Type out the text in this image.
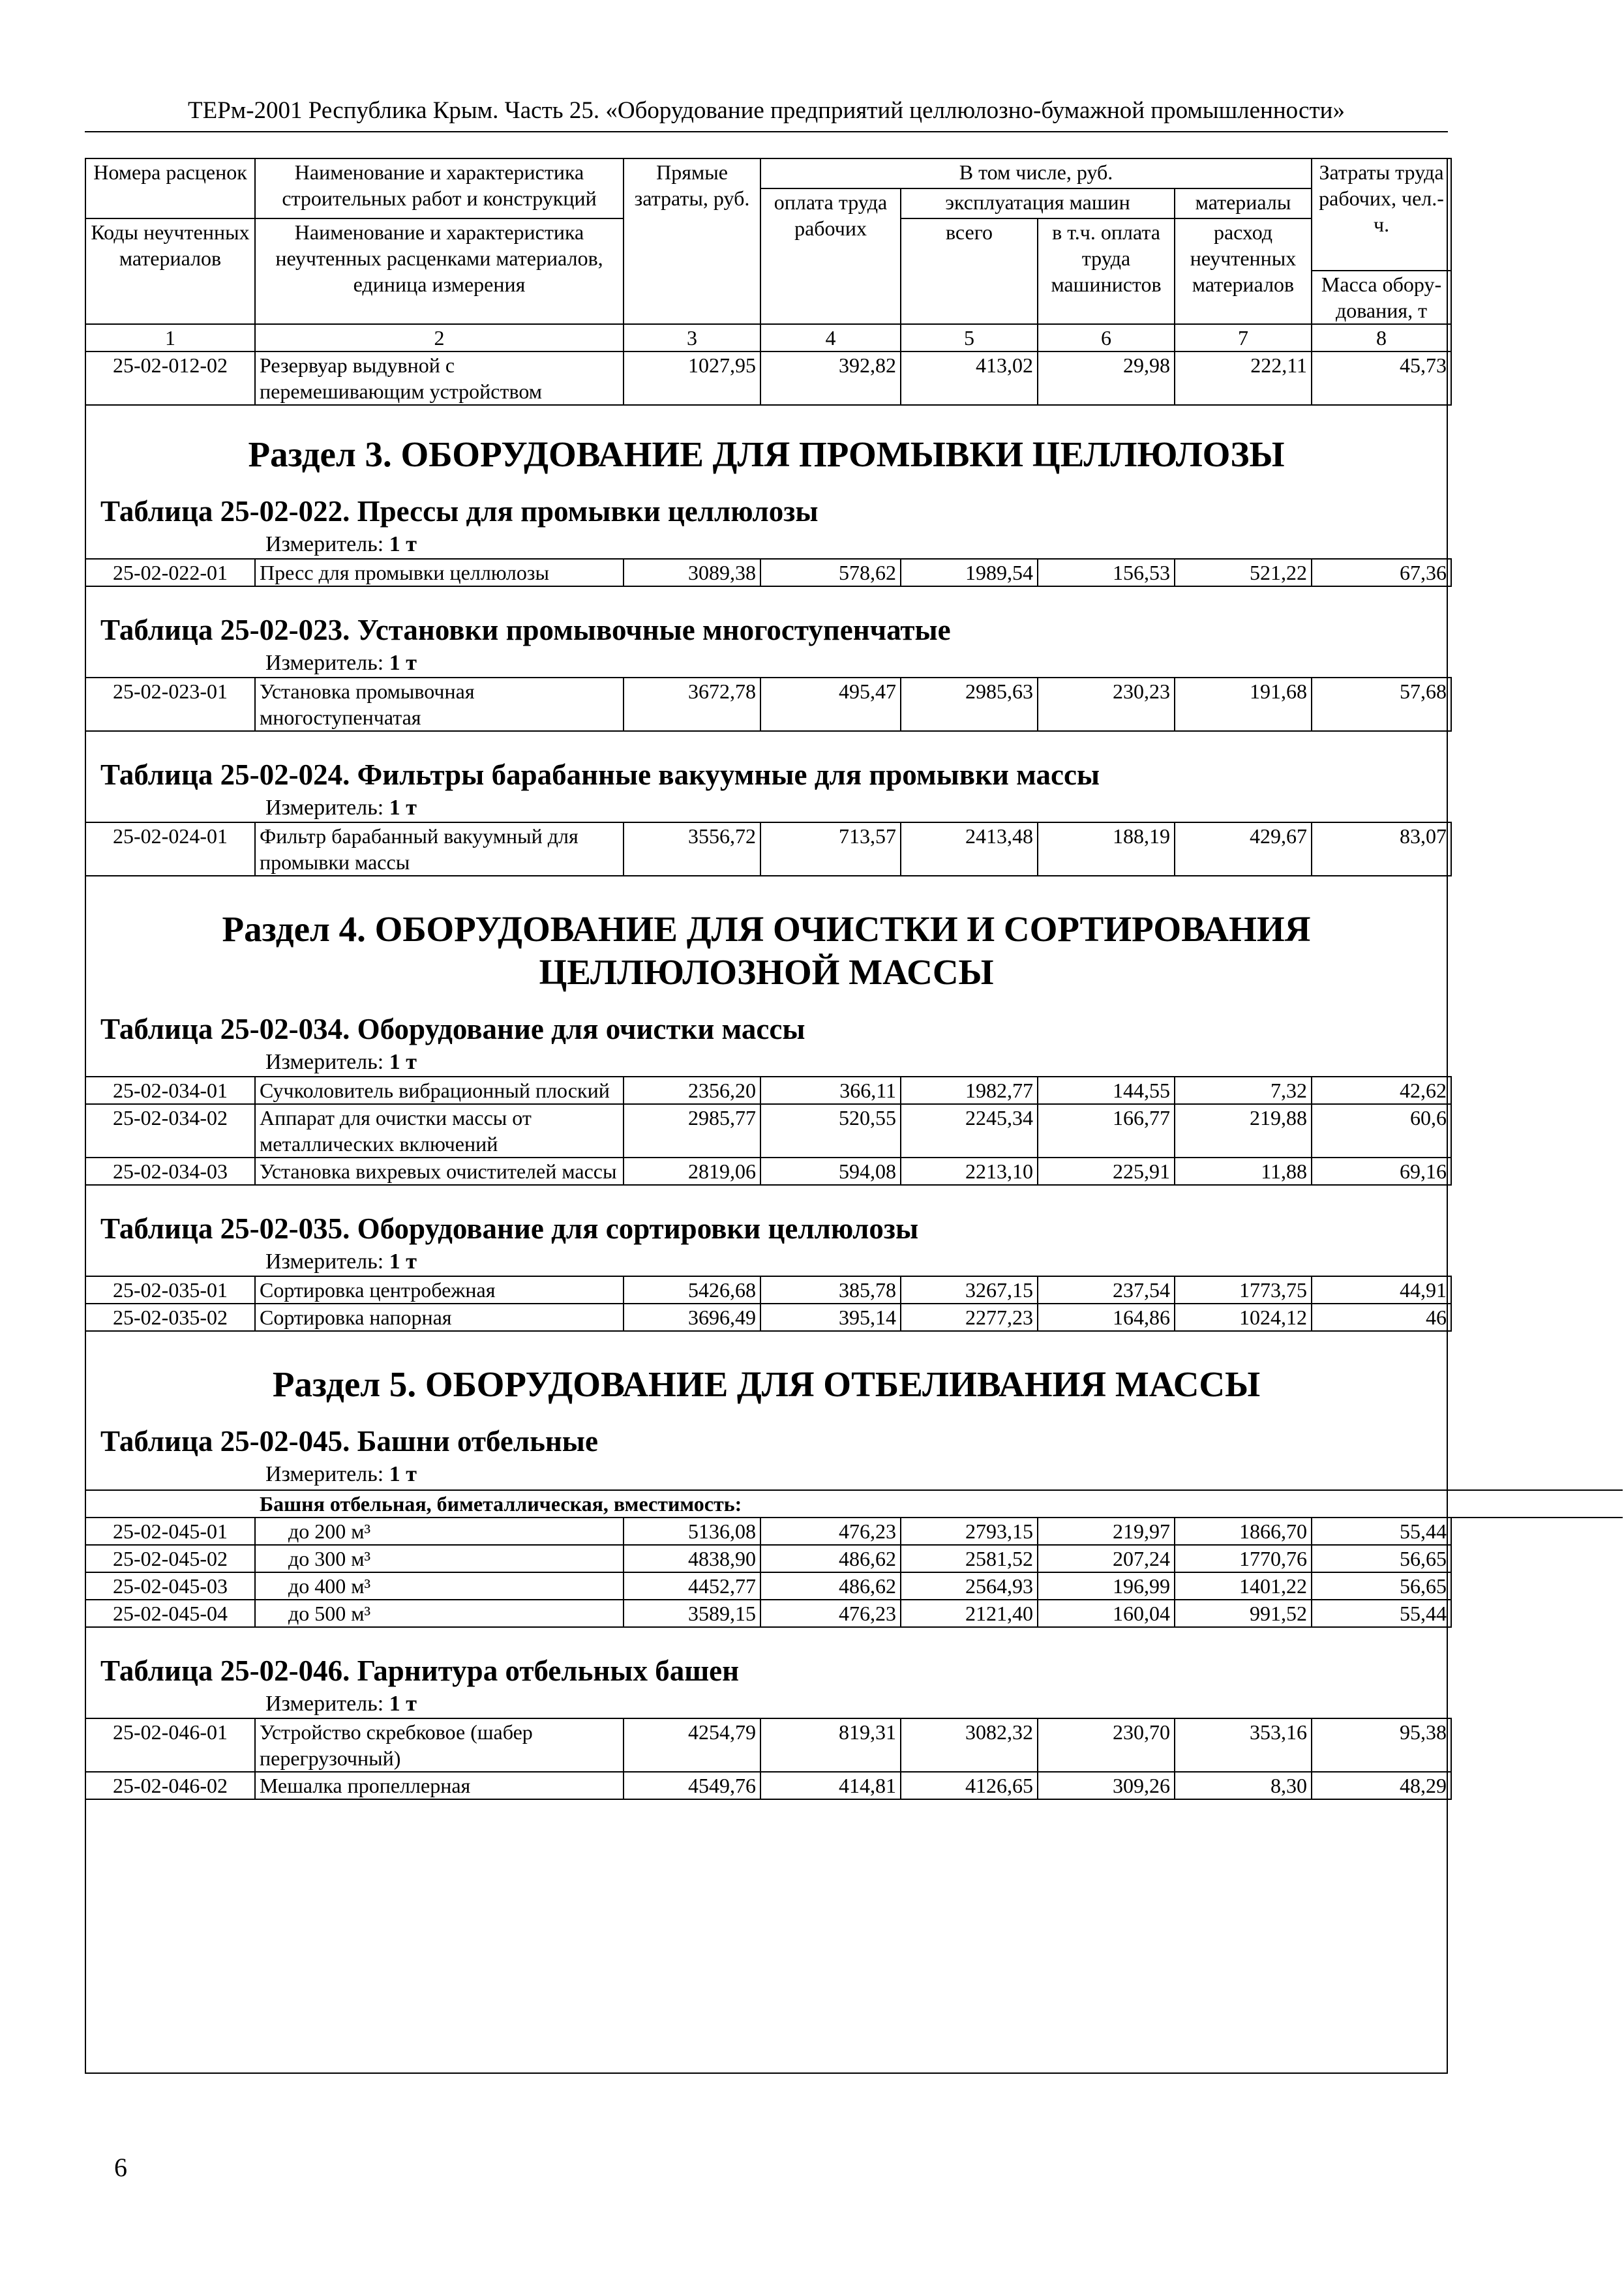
ТЕРм-2001 Республика Крым. Часть 25. «Оборудование предприятий целлюлозно-бумажной промышленности»
Номера расценок	Наименование и характеристика строительных работ и конструкций	Прямые затраты, руб.	В том числе, руб.				Затраты труда рабочих, чел.-ч.
			оплата труда рабочих	эксплуатация машин		материалы	
Коды неучтенных материалов	Наименование и характеристика неучтенных расценками материалов, единица измерения			всего	в т.ч. оплата труда машинистов	расход неучтенных материалов	
							Масса обору-дования, т
1	2	3	4	5	6	7	8
25-02-012-02	Резервуар выдувной с перемешивающим устройством	1027,95	392,82	413,02	29,98	222,11	45,73
Раздел 3. ОБОРУДОВАНИЕ ДЛЯ ПРОМЫВКИ ЦЕЛЛЮЛОЗЫ
Таблица 25-02-022. Прессы для промывки целлюлозы
Измеритель: 1 т
25-02-022-01	Пресс для промывки целлюлозы	3089,38	578,62	1989,54	156,53	521,22	67,36
Таблица 25-02-023. Установки промывочные многоступенчатые
Измеритель: 1 т
25-02-023-01	Установка промывочная многоступенчатая	3672,78	495,47	2985,63	230,23	191,68	57,68
Таблица 25-02-024. Фильтры барабанные вакуумные для промывки массы
Измеритель: 1 т
25-02-024-01	Фильтр барабанный вакуумный для промывки массы	3556,72	713,57	2413,48	188,19	429,67	83,07
Раздел 4. ОБОРУДОВАНИЕ ДЛЯ ОЧИСТКИ И СОРТИРОВАНИЯ
ЦЕЛЛЮЛОЗНОЙ МАССЫ
Таблица 25-02-034. Оборудование для очистки массы
Измеритель: 1 т
25-02-034-01	Сучколовитель вибрационный плоский	2356,20	366,11	1982,77	144,55	7,32	42,62
25-02-034-02	Аппарат для очистки массы от металлических включений	2985,77	520,55	2245,34	166,77	219,88	60,6
25-02-034-03	Установка вихревых очистителей массы	2819,06	594,08	2213,10	225,91	11,88	69,16
Таблица 25-02-035. Оборудование для сортировки целлюлозы
Измеритель: 1 т
25-02-035-01	Сортировка центробежная	5426,68	385,78	3267,15	237,54	1773,75	44,91
25-02-035-02	Сортировка напорная	3696,49	395,14	2277,23	164,86	1024,12	46
Раздел 5. ОБОРУДОВАНИЕ ДЛЯ ОТБЕЛИВАНИЯ МАССЫ
Таблица 25-02-045. Башни отбельные
Измеритель: 1 т
Башня отбельная, биметаллическая, вместимость:
25-02-045-01	до 200 м³	5136,08	476,23	2793,15	219,97	1866,70	55,44
25-02-045-02	до 300 м³	4838,90	486,62	2581,52	207,24	1770,76	56,65
25-02-045-03	до 400 м³	4452,77	486,62	2564,93	196,99	1401,22	56,65
25-02-045-04	до 500 м³	3589,15	476,23	2121,40	160,04	991,52	55,44
Таблица 25-02-046. Гарнитура отбельных башен
Измеритель: 1 т
25-02-046-01	Устройство скребковое (шабер перегрузочный)	4254,79	819,31	3082,32	230,70	353,16	95,38
25-02-046-02	Мешалка пропеллерная	4549,76	414,81	4126,65	309,26	8,30	48,29
6
